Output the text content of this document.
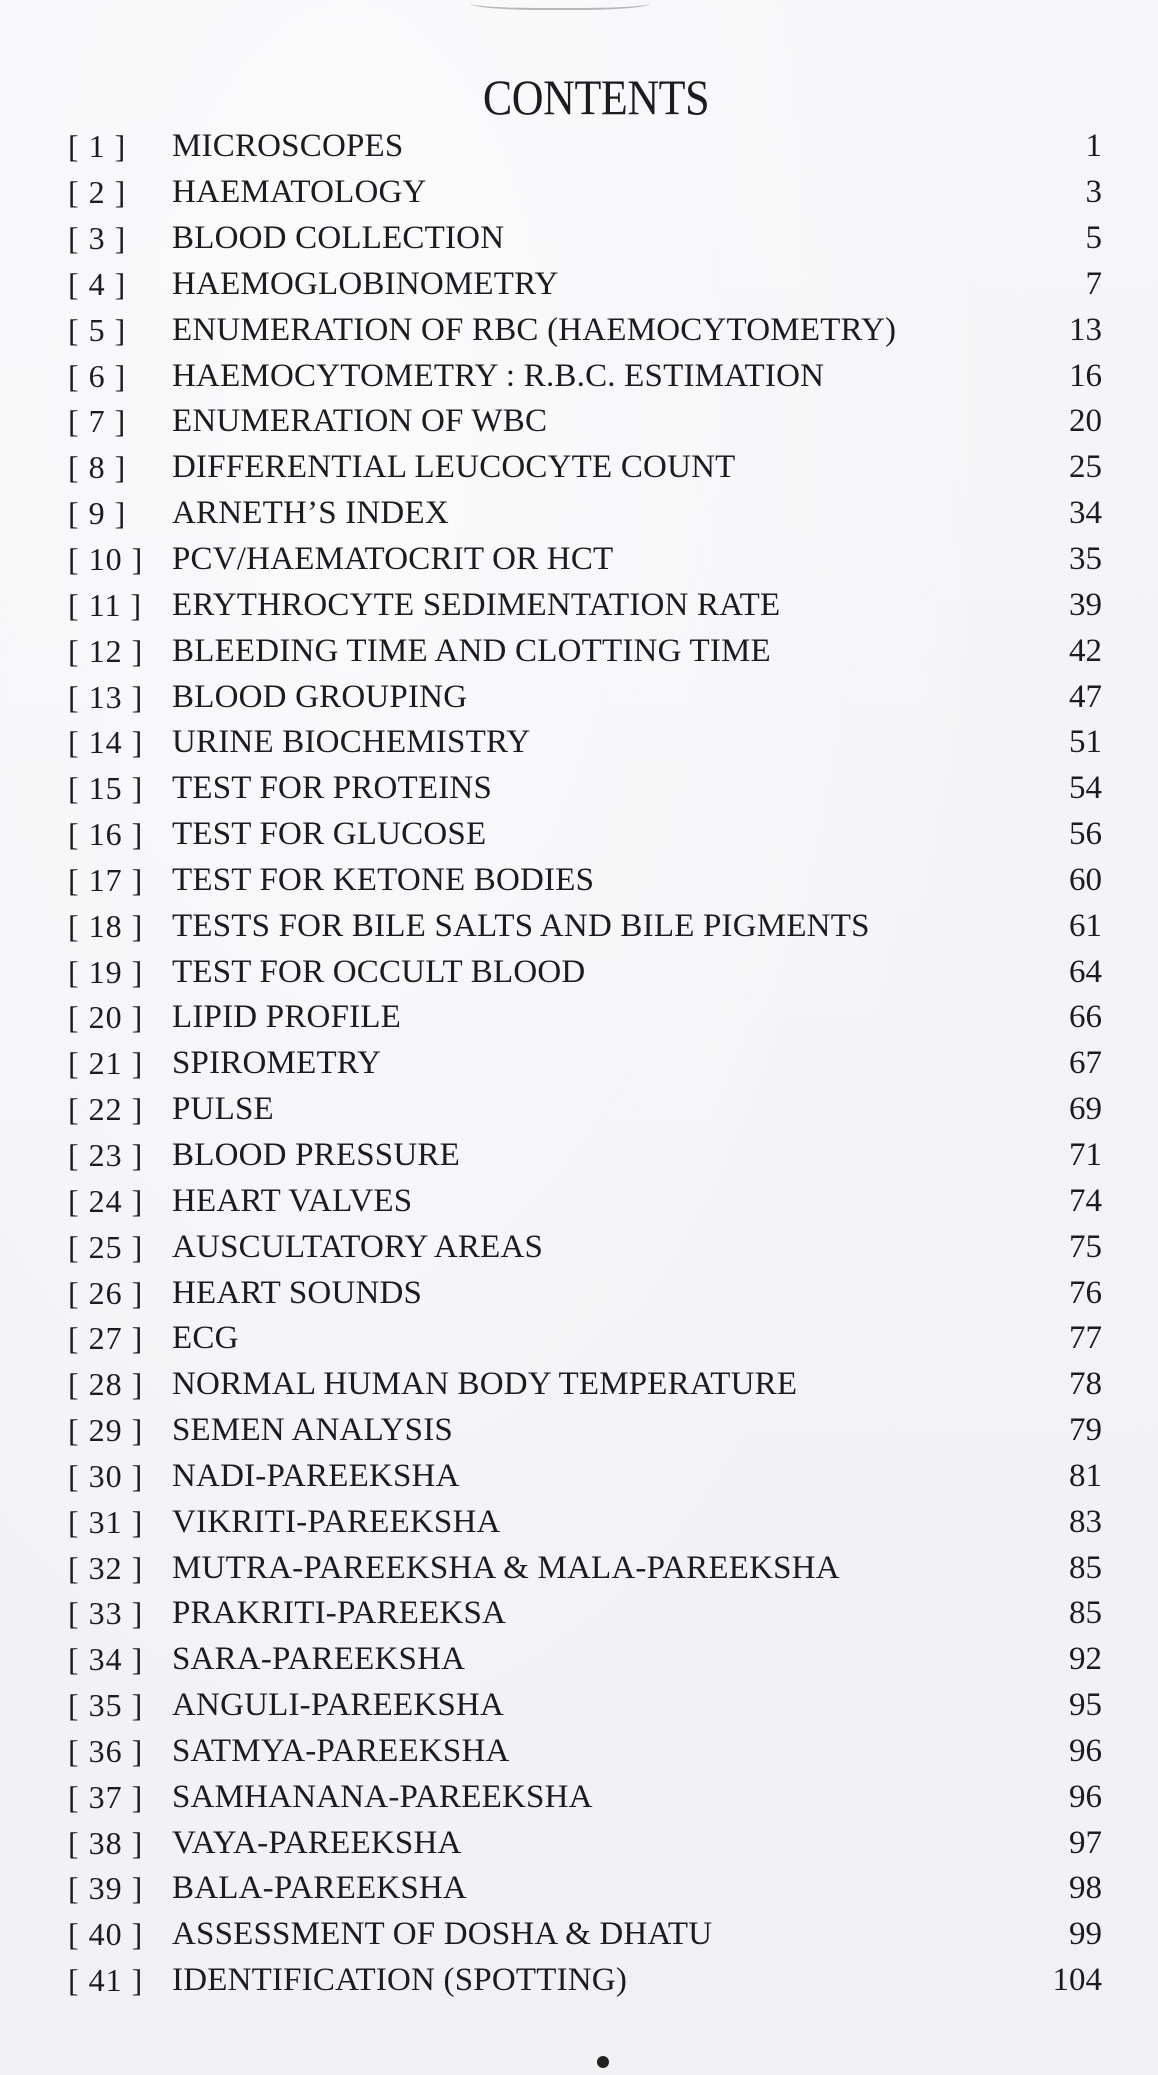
CONTENTS
[ 1 ]	MICROSCOPES	1
[ 2 ]	HAEMATOLOGY	3
[ 3 ]	BLOOD COLLECTION	5
[ 4 ]	HAEMOGLOBINOMETRY	7
[ 5 ]	ENUMERATION OF RBC (HAEMOCYTOMETRY)	13
[ 6 ]	HAEMOCYTOMETRY : R.B.C. ESTIMATION	16
[ 7 ]	ENUMERATION OF WBC	20
[ 8 ]	DIFFERENTIAL LEUCOCYTE COUNT	25
[ 9 ]	ARNETH’S INDEX	34
[ 10 ] PCV/HAEMATOCRIT OR HCT	35
[ 11 ] ERYTHROCYTE SEDIMENTATION RATE	39
[ 12 ] BLEEDING TIME AND CLOTTING TIME	42
[ 13 ] BLOOD GROUPING	47
[ 14 ] URINE BIOCHEMISTRY	51
[ 15 ] TEST FOR PROTEINS	54
[ 16 ] TEST FOR GLUCOSE	56
[ 17 ] TEST FOR KETONE BODIES	60
[ 18 ] TESTS FOR BILE SALTS AND BILE PIGMENTS	61
[ 19 ] TEST FOR OCCULT BLOOD	64
[ 20 ] LIPID PROFILE	66
[ 21 ] SPIROMETRY	67
[ 22 ] PULSE	69
[ 23 ] BLOOD PRESSURE	71
[ 24 ] HEART VALVES	74
[ 25 ] AUSCULTATORY AREAS	75
[ 26 ] HEART SOUNDS	76
[ 27 ] ECG	77
[ 28 ] NORMAL HUMAN BODY TEMPERATURE	78
[ 29 ] SEMEN ANALYSIS	79
[ 30 ] NADI-PAREEKSHA	81
[ 31 ] VIKRITI-PAREEKSHA	83
[ 32 ] MUTRA-PAREEKSHA & MALA-PAREEKSHA	85
[ 33 ] PRAKRITI-PAREEKSA	85
[ 34 ] SARA-PAREEKSHA	92
[ 35 ] ANGULI-PAREEKSHA	95
[ 36 ] SATMYA-PAREEKSHA	96
[ 37 ] SAMHANANA-PAREEKSHA	96
[ 38 ] VAYA-PAREEKSHA	97
[ 39 ] BALA-PAREEKSHA	98
[ 40 ] ASSESSMENT OF DOSHA & DHATU	99
[ 41 ] IDENTIFICATION (SPOTTING)	104
